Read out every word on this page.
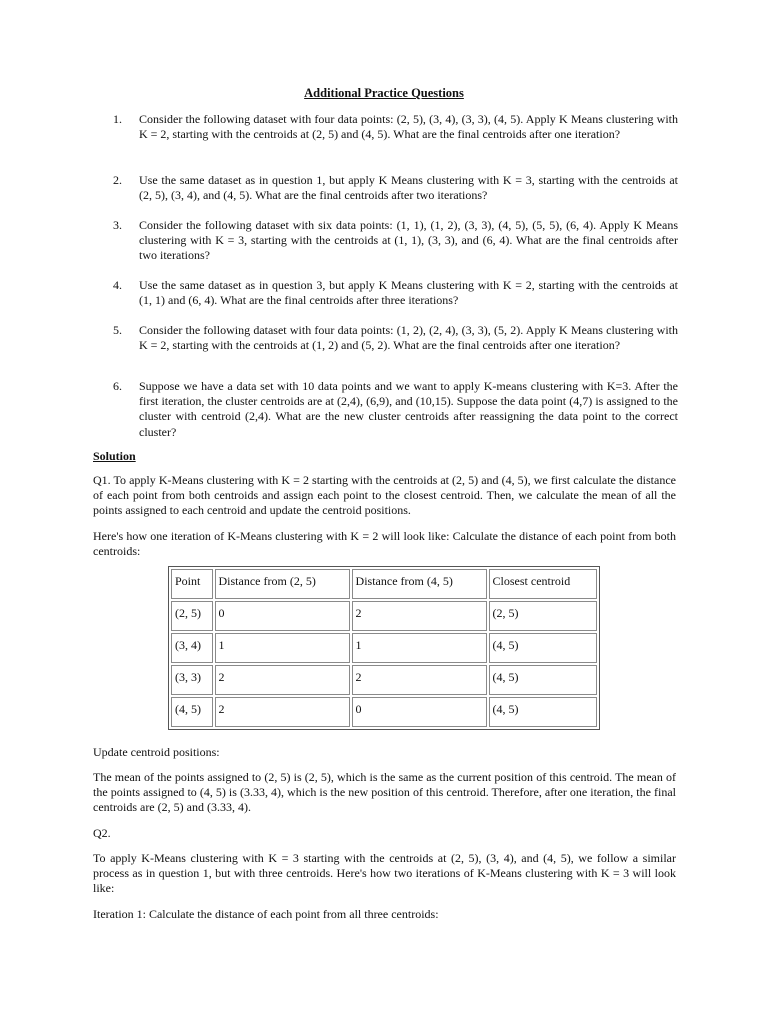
Additional Practice Questions
1. Consider the following dataset with four data points: (2, 5), (3, 4), (3, 3), (4, 5). Apply K Means clustering with K = 2, starting with the centroids at (2, 5) and (4, 5). What are the final centroids after one iteration?
2. Use the same dataset as in question 1, but apply K Means clustering with K = 3, starting with the centroids at (2, 5), (3, 4), and (4, 5). What are the final centroids after two iterations?
3. Consider the following dataset with six data points: (1, 1), (1, 2), (3, 3), (4, 5), (5, 5), (6, 4). Apply K Means clustering with K = 3, starting with the centroids at (1, 1), (3, 3), and (6, 4). What are the final centroids after two iterations?
4. Use the same dataset as in question 3, but apply K Means clustering with K = 2, starting with the centroids at (1, 1) and (6, 4). What are the final centroids after three iterations?
5. Consider the following dataset with four data points: (1, 2), (2, 4), (3, 3), (5, 2). Apply K Means clustering with K = 2, starting with the centroids at (1, 2) and (5, 2). What are the final centroids after one iteration?
6. Suppose we have a data set with 10 data points and we want to apply K-means clustering with K=3. After the first iteration, the cluster centroids are at (2,4), (6,9), and (10,15). Suppose the data point (4,7) is assigned to the cluster with centroid (2,4). What are the new cluster centroids after reassigning the data point to the correct cluster?
Solution
Q1. To apply K-Means clustering with K = 2 starting with the centroids at (2, 5) and (4, 5), we first calculate the distance of each point from both centroids and assign each point to the closest centroid. Then, we calculate the mean of all the points assigned to each centroid and update the centroid positions.
Here's how one iteration of K-Means clustering with K = 2 will look like: Calculate the distance of each point from both centroids:
Point	Distance from (2, 5)	Distance from (4, 5)	Closest centroid
(2, 5)	0	2	(2, 5)
(3, 4)	1	1	(4, 5)
(3, 3)	2	2	(4, 5)
(4, 5)	2	0	(4, 5)
Update centroid positions:
The mean of the points assigned to (2, 5) is (2, 5), which is the same as the current position of this centroid. The mean of the points assigned to (4, 5) is (3.33, 4), which is the new position of this centroid. Therefore, after one iteration, the final centroids are (2, 5) and (3.33, 4).
Q2.
To apply K-Means clustering with K = 3 starting with the centroids at (2, 5), (3, 4), and (4, 5), we follow a similar process as in question 1, but with three centroids. Here's how two iterations of K-Means clustering with K = 3 will look like:
Iteration 1: Calculate the distance of each point from all three centroids:
